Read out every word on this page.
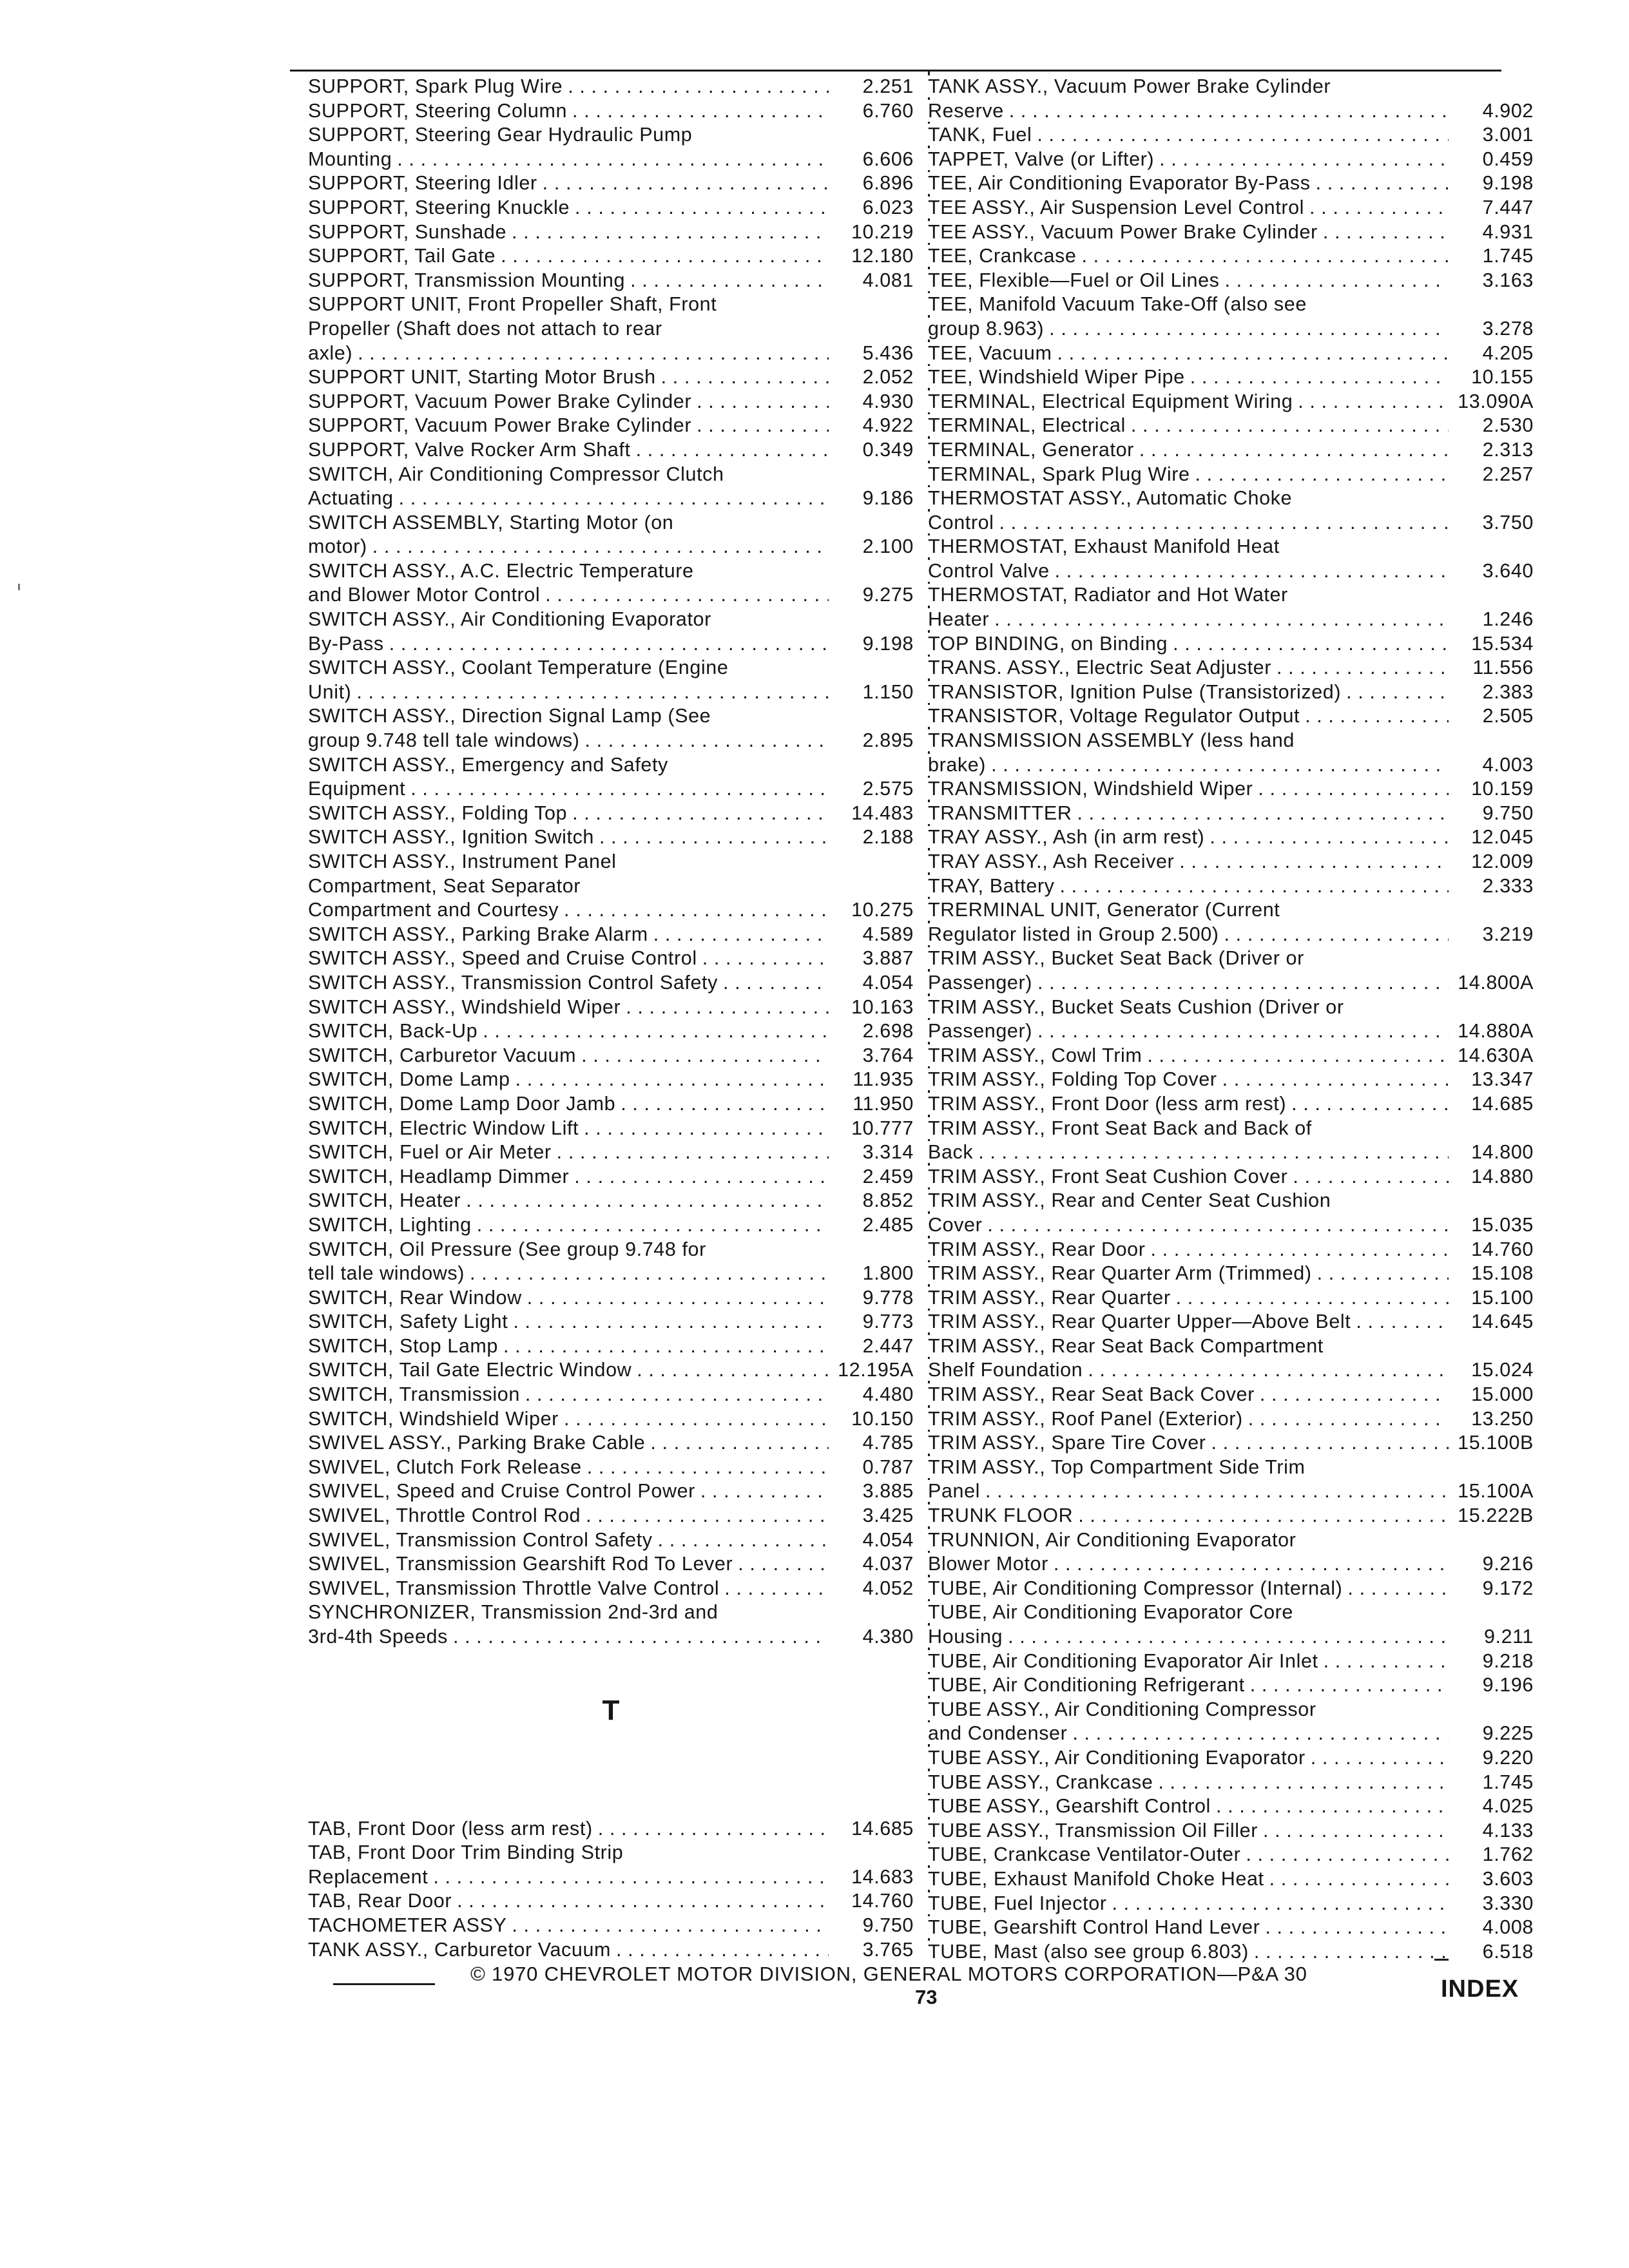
SUPPORT, Spark Plug Wire . . .	2.251
SUPPORT, Steering Column . . .	6.760
SUPPORT, Steering Gear Hydraulic Pump
Mounting . . .	6.606
SUPPORT, Steering Idler . . .	6.896
SUPPORT, Steering Knuckle . . .	6.023
SUPPORT, Sunshade . . .	10.219
SUPPORT, Tail Gate . . .	12.180
SUPPORT, Transmission Mounting . . .	4.081
SUPPORT UNIT, Front Propeller Shaft, Front
Propeller (Shaft does not attach to rear
axle) . . .	5.436
SUPPORT UNIT, Starting Motor Brush . . .	2.052
SUPPORT, Vacuum Power Brake Cylinder . . .	4.930
SUPPORT, Vacuum Power Brake Cylinder . . .	4.922
SUPPORT, Valve Rocker Arm Shaft . . .	0.349
SWITCH, Air Conditioning Compressor Clutch
Actuating . . .	9.186
SWITCH ASSEMBLY, Starting Motor (on
motor) . . .	2.100
SWITCH ASSY., A.C. Electric Temperature
and Blower Motor Control . . .	9.275
SWITCH ASSY., Air Conditioning Evaporator
By-Pass . . .	9.198
SWITCH ASSY., Coolant Temperature (Engine
Unit) . . .	1.150
SWITCH ASSY., Direction Signal Lamp (See
group 9.748 tell tale windows) . . .	2.895
SWITCH ASSY., Emergency and Safety
Equipment . . .	2.575
SWITCH ASSY., Folding Top . . .	14.483
SWITCH ASSY., Ignition Switch . . .	2.188
SWITCH ASSY., Instrument Panel
Compartment, Seat Separator
Compartment and Courtesy . . .	10.275
SWITCH ASSY., Parking Brake Alarm . . .	4.589
SWITCH ASSY., Speed and Cruise Control . . .	3.887
SWITCH ASSY., Transmission Control Safety . . .	4.054
SWITCH ASSY., Windshield Wiper . . .	10.163
SWITCH, Back-Up . . .	2.698
SWITCH, Carburetor Vacuum . . .	3.764
SWITCH, Dome Lamp . . .	11.935
SWITCH, Dome Lamp Door Jamb . . .	11.950
SWITCH, Electric Window Lift . . .	10.777
SWITCH, Fuel or Air Meter . . .	3.314
SWITCH, Headlamp Dimmer . . .	2.459
SWITCH, Heater . . .	8.852
SWITCH, Lighting . . .	2.485
SWITCH, Oil Pressure (See group 9.748 for
tell tale windows) . . .	1.800
SWITCH, Rear Window . . .	9.778
SWITCH, Safety Light . . .	9.773
SWITCH, Stop Lamp . . .	2.447
SWITCH, Tail Gate Electric Window . . .	12.195A
SWITCH, Transmission . . .	4.480
SWITCH, Windshield Wiper . . .	10.150
SWIVEL ASSY., Parking Brake Cable . . .	4.785
SWIVEL, Clutch Fork Release . . .	0.787
SWIVEL, Speed and Cruise Control Power . . .	3.885
SWIVEL, Throttle Control Rod . . .	3.425
SWIVEL, Transmission Control Safety . . .	4.054
SWIVEL, Transmission Gearshift Rod To Lever . . .	4.037
SWIVEL, Transmission Throttle Valve Control . . .	4.052
SYNCHRONIZER, Transmission 2nd-3rd and
3rd-4th Speeds . . .	4.380
T
TAB, Front Door (less arm rest) . . .	14.685
TAB, Front Door Trim Binding Strip
Replacement . . .	14.683
TAB, Rear Door . . .	14.760
TACHOMETER ASSY . . .	9.750
TANK ASSY., Carburetor Vacuum . . .	3.765
TANK ASSY., Vacuum Power Brake Cylinder
Reserve . . .	4.902
TANK, Fuel . . .	3.001
TAPPET, Valve (or Lifter) . . .	0.459
TEE, Air Conditioning Evaporator By-Pass . . .	9.198
TEE ASSY., Air Suspension Level Control . . .	7.447
TEE ASSY., Vacuum Power Brake Cylinder . . .	4.931
TEE, Crankcase . . .	1.745
TEE, Flexible—Fuel or Oil Lines . . .	3.163
TEE, Manifold Vacuum Take-Off (also see
group 8.963) . . .	3.278
TEE, Vacuum . . .	4.205
TEE, Windshield Wiper Pipe . . .	10.155
TERMINAL, Electrical Equipment Wiring . . .	13.090A
TERMINAL, Electrical . . .	2.530
TERMINAL, Generator . . .	2.313
TERMINAL, Spark Plug Wire . . .	2.257
THERMOSTAT ASSY., Automatic Choke
Control . . .	3.750
THERMOSTAT, Exhaust Manifold Heat
Control Valve . . .	3.640
THERMOSTAT, Radiator and Hot Water
Heater . . .	1.246
TOP BINDING, on Binding . . .	15.534
TRANS. ASSY., Electric Seat Adjuster . . .	11.556
TRANSISTOR, Ignition Pulse (Transistorized) . . .	2.383
TRANSISTOR, Voltage Regulator Output . . .	2.505
TRANSMISSION ASSEMBLY (less hand
brake) . . .	4.003
TRANSMISSION, Windshield Wiper . . .	10.159
TRANSMITTER . . .	9.750
TRAY ASSY., Ash (in arm rest) . . .	12.045
TRAY ASSY., Ash Receiver . . .	12.009
TRAY, Battery . . .	2.333
TRERMINAL UNIT, Generator (Current
Regulator listed in Group 2.500) . . .	3.219
TRIM ASSY., Bucket Seat Back (Driver or
Passenger) . . .	14.800A
TRIM ASSY., Bucket Seats Cushion (Driver or
Passenger) . . .	14.880A
TRIM ASSY., Cowl Trim . . .	14.630A
TRIM ASSY., Folding Top Cover . . .	13.347
TRIM ASSY., Front Door (less arm rest) . . .	14.685
TRIM ASSY., Front Seat Back and Back of
Back . . .	14.800
TRIM ASSY., Front Seat Cushion Cover . . .	14.880
TRIM ASSY., Rear and Center Seat Cushion
Cover . . .	15.035
TRIM ASSY., Rear Door . . .	14.760
TRIM ASSY., Rear Quarter Arm (Trimmed) . . .	15.108
TRIM ASSY., Rear Quarter . . .	15.100
TRIM ASSY., Rear Quarter Upper—Above Belt . . .	14.645
TRIM ASSY., Rear Seat Back Compartment
Shelf Foundation . . .	15.024
TRIM ASSY., Rear Seat Back Cover . . .	15.000
TRIM ASSY., Roof Panel (Exterior) . . .	13.250
TRIM ASSY., Spare Tire Cover . . .	15.100B
TRIM ASSY., Top Compartment Side Trim
Panel . . .	15.100A
TRUNK FLOOR . . .	15.222B
TRUNNION, Air Conditioning Evaporator
Blower Motor . . .	9.216
TUBE, Air Conditioning Compressor (Internal) . . .	9.172
TUBE, Air Conditioning Evaporator Core
Housing . . .	9.211
TUBE, Air Conditioning Evaporator Air Inlet . . .	9.218
TUBE, Air Conditioning Refrigerant . . .	9.196
TUBE ASSY., Air Conditioning Compressor
and Condenser . . .	9.225
TUBE ASSY., Air Conditioning Evaporator . . .	9.220
TUBE ASSY., Crankcase . . .	1.745
TUBE ASSY., Gearshift Control . . .	4.025
TUBE ASSY., Transmission Oil Filler . . .	4.133
TUBE, Crankcase Ventilator-Outer . . .	1.762
TUBE, Exhaust Manifold Choke Heat . . .	3.603
TUBE, Fuel Injector . . .	3.330
TUBE, Gearshift Control Hand Lever . . .	4.008
TUBE, Mast (also see group 6.803) . . .	6.518
© 1970 CHEVROLET MOTOR DIVISION, GENERAL MOTORS CORPORATION—P&A 30
73	INDEX
